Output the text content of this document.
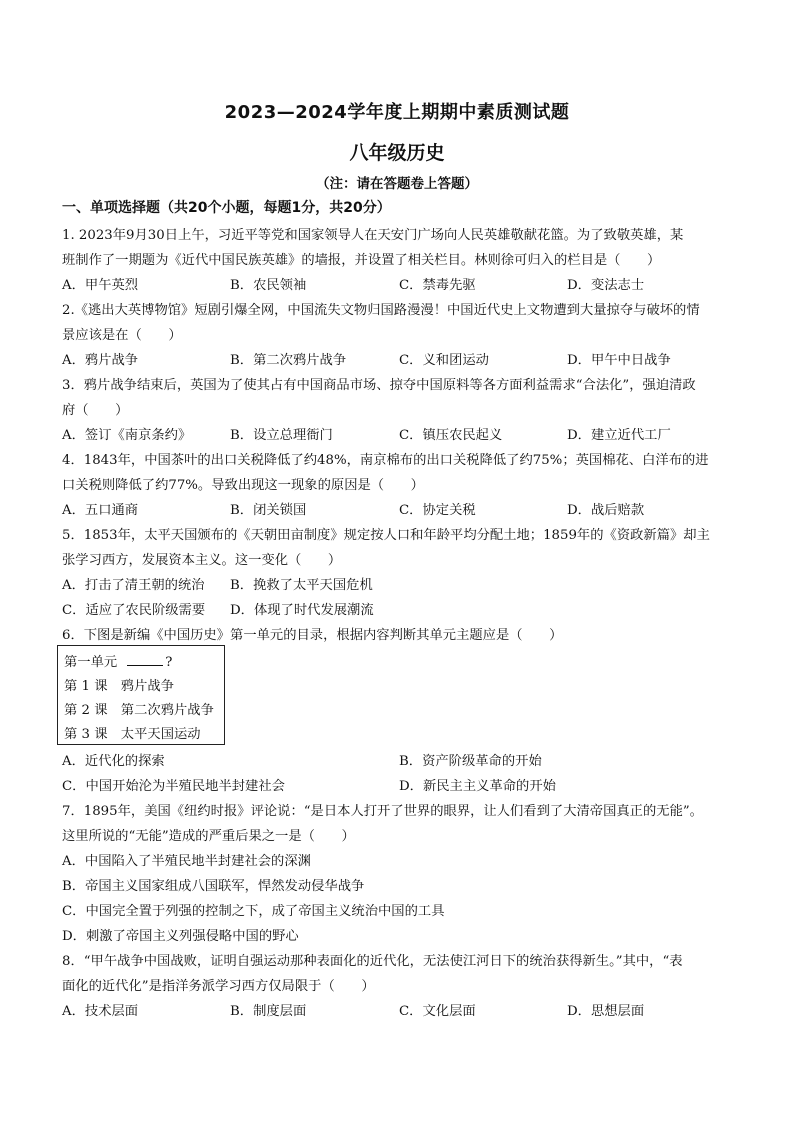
2023—2024学年度上期期中素质测试题
八年级历史
（注：请在答题卷上答题）
一、单项选择题（共20个小题，每题1分，共20分）
1. 2023年9月30日上午，习近平等党和国家领导人在天安门广场向人民英雄敬献花篮。为了致敬英雄，某
班制作了一期题为《近代中国民族英雄》的墙报，并设置了相关栏目。林则徐可归入的栏目是（　　）
A．甲午英烈	B．农民领袖	C．禁毒先驱	D．变法志士
2.《逃出大英博物馆》短剧引爆全网，中国流失文物归国路漫漫！中国近代史上文物遭到大量掠夺与破坏的情
景应该是在（　　）
A．鸦片战争	B．第二次鸦片战争	C．义和团运动	D．甲午中日战争
3．鸦片战争结束后，英国为了使其占有中国商品市场、掠夺中国原料等各方面利益需求“合法化”，强迫清政
府（　　）
A．签订《南京条约》	B．设立总理衙门	C．镇压农民起义	D．建立近代工厂
4．1843年，中国茶叶的出口关税降低了约48%，南京棉布的出口关税降低了约75%；英国棉花、白洋布的进
口关税则降低了约77%。导致出现这一现象的原因是（　　）
A．五口通商	B．闭关锁国	C．协定关税	D．战后赔款
5．1853年，太平天国颁布的《天朝田亩制度》规定按人口和年龄平均分配土地；1859年的《资政新篇》却主
张学习西方，发展资本主义。这一变化（　　）
A．打击了清王朝的统治 B．挽救了太平天国危机
C．适应了农民阶级需要 D．体现了时代发展潮流
6．下图是新编《中国历史》第一单元的目录，根据内容判断其单元主题应是（　　）
第一单元	?
第 1 课　鸦片战争
第 2 课　第二次鸦片战争
第 3 课　太平天国运动
A．近代化的探索	B．资产阶级革命的开始
C．中国开始沦为半殖民地半封建社会	D．新民主主义革命的开始
7．1895年，美国《纽约时报》评论说：“是日本人打开了世界的眼界，让人们看到了大清帝国真正的无能”。
这里所说的“无能”造成的严重后果之一是（　　）
A．中国陷入了半殖民地半封建社会的深渊
B．帝国主义国家组成八国联军，悍然发动侵华战争
C．中国完全置于列强的控制之下，成了帝国主义统治中国的工具
D．刺激了帝国主义列强侵略中国的野心
8．“甲午战争中国战败，证明自强运动那种表面化的近代化，无法使江河日下的统治获得新生。”其中，“表
面化的近代化”是指洋务派学习西方仅局限于（　　）
A．技术层面	B．制度层面	C．文化层面	D．思想层面
